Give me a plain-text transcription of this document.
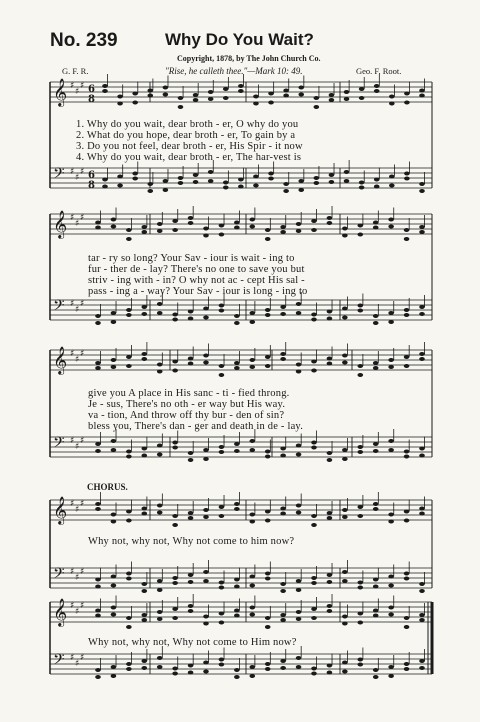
No. 239	Why Do You Wait?
Copyright, 1878, by The John Church Co.
G. F. R.	"Rise, he calleth thee."—Mark 10: 49.	Geo. F. Root.
𝄞 ♯
♯
♯ 6
8
𝄢 ♯
♯
♯ 6
8
𝄞 ♯
♯
♯
𝄢 ♯
♯
♯
𝄞 ♯
♯
♯
𝄢 ♯
♯
♯
𝄞 ♯
♯
♯
𝄢 ♯
♯
♯
𝄞 ♯
♯
♯
𝄢 ♯
♯
♯
1. Why do you wait, dear broth - er, O why do you
2. What do you hope, dear broth - er, To gain by a
3. Do you not feel, dear broth - er, His Spir - it now
4. Why do you wait, dear broth - er, The har-vest is
tar - ry so long? Your Sav - iour is wait - ing to
fur - ther de - lay? There's no one to save you but
striv - ing with - in? O why not ac - cept His sal -
pass - ing a - way? Your Sav - iour is long - ing to
give you A place in His sanc - ti - fied throng.
Je - sus, There's no oth - er way but His way.
va - tion, And throw off thy bur - den of sin?
bless you, There's dan - ger and death in de - lay.
CHORUS.
Why not, why not, Why not come to him now?
Why not, why not, Why not come to Him now?
